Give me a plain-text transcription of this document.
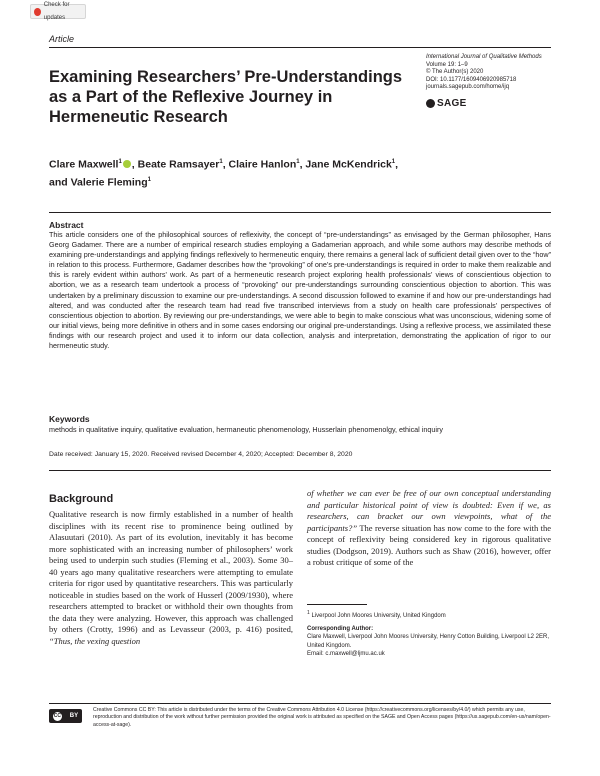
Check for updates
Article
Examining Researchers’ Pre-Understandings as a Part of the Reflexive Journey in Hermeneutic Research
International Journal of Qualitative Methods
Volume 19: 1–9
© The Author(s) 2020
DOI: 10.1177/1609406920985718
journals.sagepub.com/home/ijq
SAGE
Clare Maxwell$^1$ , Beate Ramsayer$^1$, Claire Hanlon$^1$, Jane McKendrick$^1$,
and Valerie Fleming$^1$
Abstract
This article considers one of the philosophical sources of reflexivity, the concept of “pre-understandings” as envisaged by the German philosopher, Hans Georg Gadamer. There are a number of empirical research studies employing a Gadamerian approach, and while some authors may describe methods of examining pre-understandings and applying findings reflexively to hermeneutic enquiry, there remains a general lack of sufficient detail given over to the “how” in relation to this process. Furthermore, Gadamer describes how the “provoking” of one’s pre-understandings is required in order to make them realizable and this is rarely evident within authors’ work. As part of a hermeneutic research project exploring health professionals’ views of conscientious objection to abortion, we as a research team undertook a process of “provoking” our pre-understandings surrounding conscientious objection to abortion. This was undertaken by a preliminary discussion to examine our pre-understandings. A second discussion followed to examine if and how our pre-understandings had altered, and was conducted after the research team had read five transcribed interviews from a study on health care professionals’ perspectives of conscientious objection to abortion. By reviewing our pre-understandings, we were able to begin to make conscious what was unconscious, widening some of our initial views, being more definitive in others and in some cases endorsing our original pre-understandings. Using a reflexive process, we assimilated these findings with our research project and used it to inform our data collection, analysis and interpretation, demonstrating the application of rigor to our hermeneutic study.
Keywords
methods in qualitative inquiry, qualitative evaluation, hermaneutic phenomenology, Husserlain phenomenolgy, ethical inquiry
Date received: January 15, 2020. Received revised December 4, 2020; Accepted: December 8, 2020
Background

Qualitative research is now firmly established in a number of health disciplines with its recent rise to prominence being outlined by Alasuutari (2010). As part of its evolution, inevitably it has become more sophisticated with an increasing number of philosophers’ work being used to underpin such studies (Fleming et al., 2003). Some 30–40 years ago many qualitative researchers were attempting to emulate criteria for rigor used by quantitative researchers. This was particularly noticeable in studies based on the work of Husserl (2009/1930), where researchers attempted to bracket or withhold their own thoughts from the data they were analyzing. However, this approach was challenged by others (Crotty, 1996) and as Levasseur (2003, p. 416) posited, “Thus, the vexing question

of whether we can ever be free of our own conceptual understanding and particular historical point of view is doubted: Even if we, as researchers, can bracket our own viewpoints, what of the participants?” The reverse situation has now come to the fore with the concept of reflexivity being considered key in rigorous qualitative studies (Dodgson, 2019). Authors such as Shaw (2016), however, offer a robust critique of some of the

$^1$ Liverpool John Moores University, United Kingdom
Corresponding Author:
Clare Maxwell, Liverpool John Moores University, Henry Cotton Building, Liverpool L2 2ER, United Kingdom.
Email: c.maxwell@ljmu.ac.uk
CC BY
Creative Commons CC BY: This article is distributed under the terms of the Creative Commons Attribution 4.0 License (https://creativecommons.org/licenses/by/4.0/) which permits any use, reproduction and distribution of the work without further permission provided the original work is attributed as specified on the SAGE and Open Access pages (https://us.sagepub.com/en-us/nam/open-access-at-sage).
